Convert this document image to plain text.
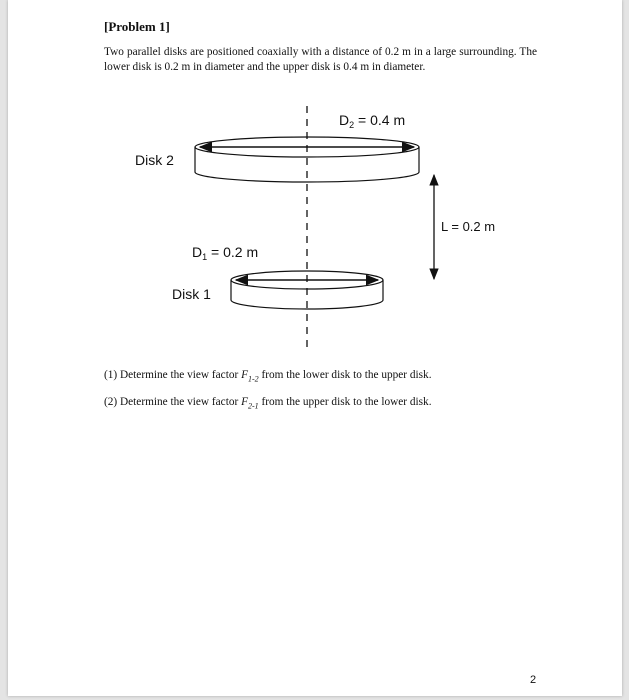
[Problem 1]
Two parallel disks are positioned coaxially with a distance of 0.2 m in a large surrounding. The lower disk is 0.2 m in diameter and the upper disk is 0.4 m in diameter.
$D_2 = 0.4$ m
Disk 2
L = 0.2 m
$D_1 = 0.2$ m
Disk 1
(1) Determine the view factor $F_{1-2}$ from the lower disk to the upper disk.
(2) Determine the view factor $F_{2-1}$ from the upper disk to the lower disk.
2
